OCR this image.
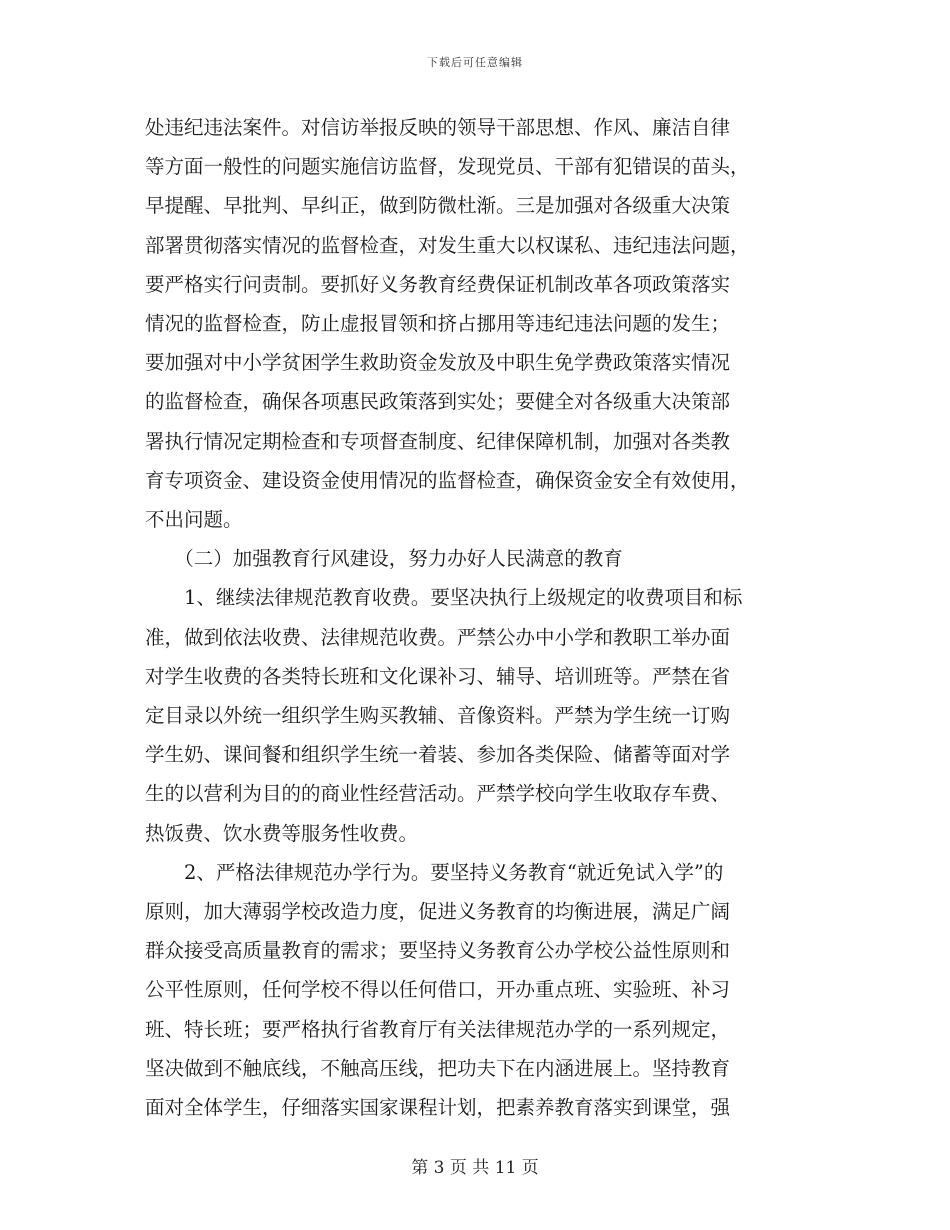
下载后可任意编辑
处违纪违法案件。对信访举报反映的领导干部思想、作风、廉洁自律
等方面一般性的问题实施信访监督，发现党员、干部有犯错误的苗头，
早提醒、早批判、早纠正，做到防微杜渐。三是加强对各级重大决策
部署贯彻落实情况的监督检查，对发生重大以权谋私、违纪违法问题，
要严格实行问责制。要抓好义务教育经费保证机制改革各项政策落实
情况的监督检查，防止虚报冒领和挤占挪用等违纪违法问题的发生；
要加强对中小学贫困学生救助资金发放及中职生免学费政策落实情况
的监督检查，确保各项惠民政策落到实处；要健全对各级重大决策部
署执行情况定期检查和专项督查制度、纪律保障机制，加强对各类教
育专项资金、建设资金使用情况的监督检查，确保资金安全有效使用，
不出问题。
　　（二）加强教育行风建设，努力办好人民满意的教育
　　1、继续法律规范教育收费。要坚决执行上级规定的收费项目和标
准，做到依法收费、法律规范收费。严禁公办中小学和教职工举办面
对学生收费的各类特长班和文化课补习、辅导、培训班等。严禁在省
定目录以外统一组织学生购买教辅、音像资料。严禁为学生统一订购
学生奶、课间餐和组织学生统一着装、参加各类保险、储蓄等面对学
生的以营利为目的的商业性经营活动。严禁学校向学生收取存车费、
热饭费、饮水费等服务性收费。
　　2、严格法律规范办学行为。要坚持义务教育“就近免试入学”的
原则，加大薄弱学校改造力度，促进义务教育的均衡进展，满足广阔
群众接受高质量教育的需求；要坚持义务教育公办学校公益性原则和
公平性原则，任何学校不得以任何借口，开办重点班、实验班、补习
班、特长班；要严格执行省教育厅有关法律规范办学的一系列规定，
坚决做到不触底线，不触高压线，把功夫下在内涵进展上。坚持教育
面对全体学生，仔细落实国家课程计划，把素养教育落实到课堂，强
第 3 页 共 11 页
